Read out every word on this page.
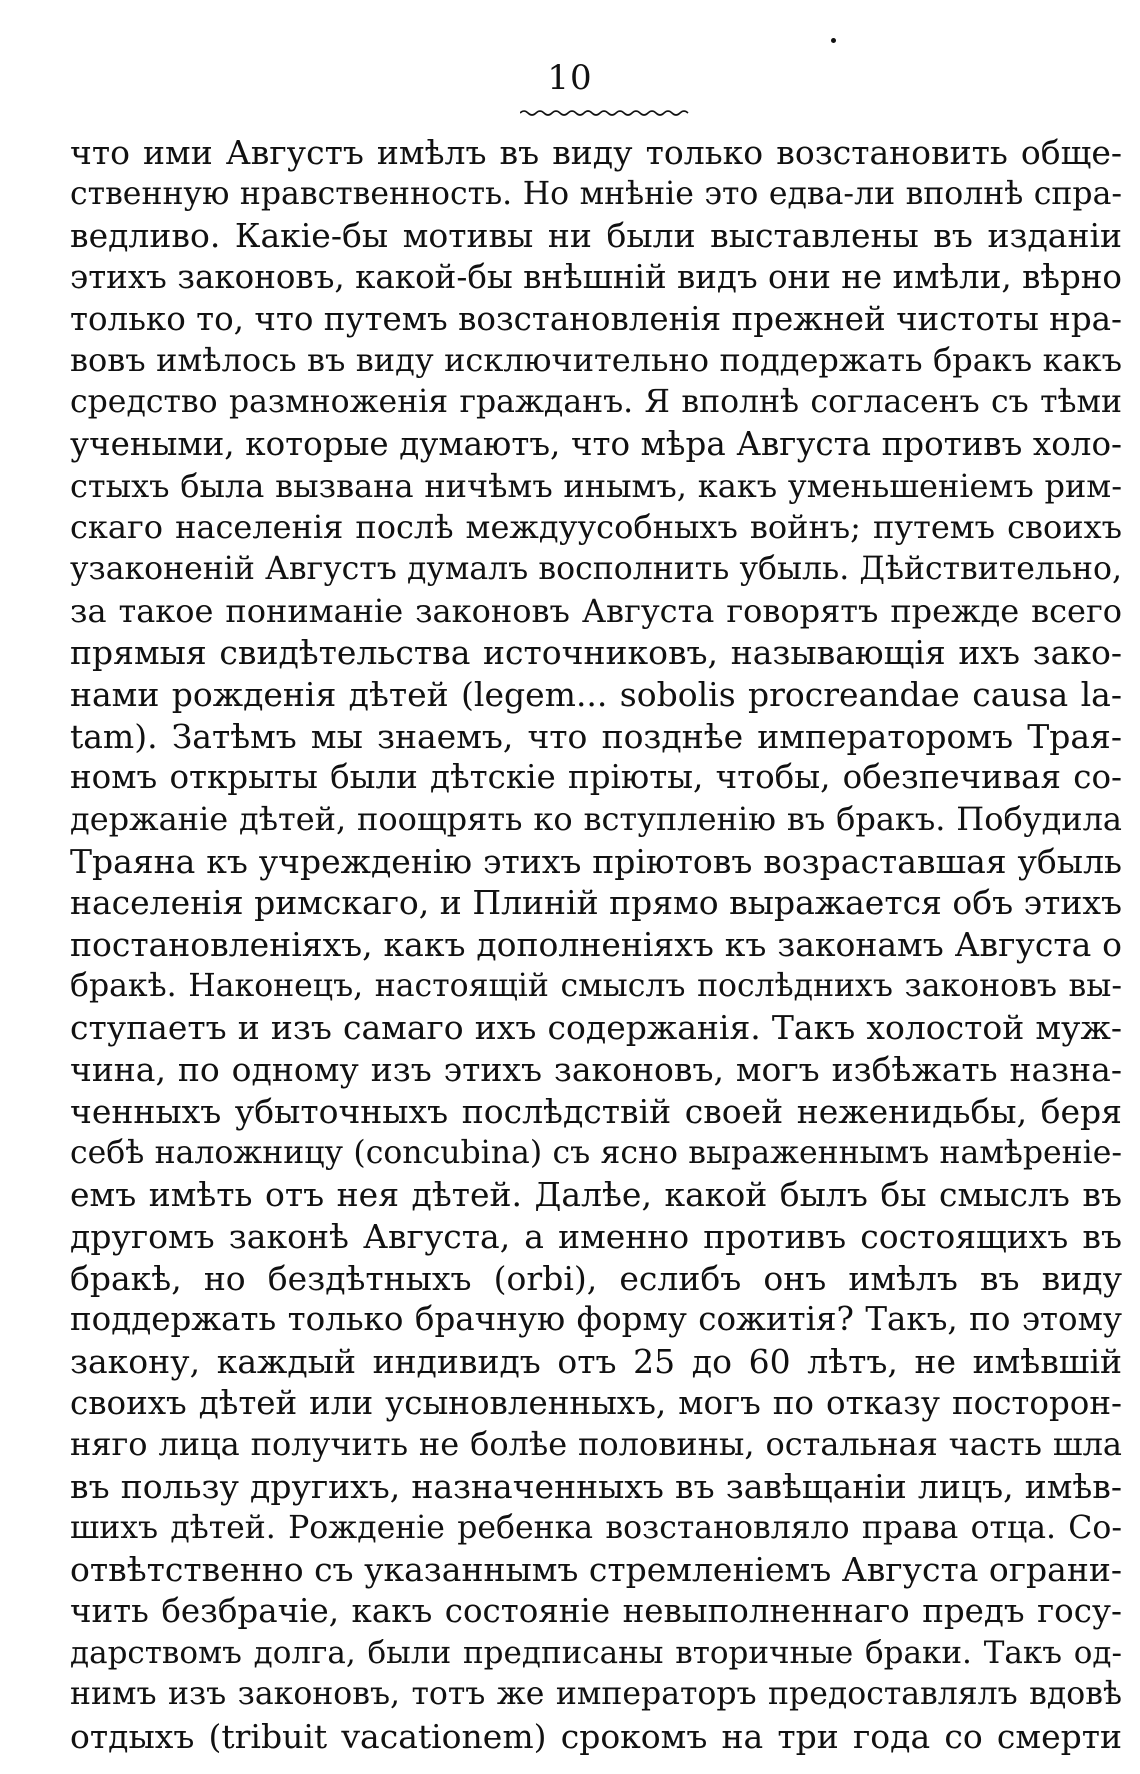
10
что ими Августъ имѣлъ въ виду только возстановить обще-
ственную нравственность. Но мнѣніе это едва-ли вполнѣ спра-
ведливо. Какіе-бы мотивы ни были выставлены въ изданіи
этихъ законовъ, какой-бы внѣшній видъ они не имѣли, вѣрно
только то, что путемъ возстановленія прежней чистоты нра-
вовъ имѣлось въ виду исключительно поддержать бракъ какъ
средство размноженія гражданъ. Я вполнѣ согласенъ съ тѣми
учеными, которые думаютъ, что мѣра Августа противъ холо-
стыхъ была вызвана ничѣмъ инымъ, какъ уменьшеніемъ рим-
скаго населенія послѣ междуусобныхъ войнъ; путемъ своихъ
узаконеній Августъ думалъ восполнить убыль. Дѣйствительно,
за такое пониманіе законовъ Августа говорятъ прежде всего
прямыя свидѣтельства источниковъ, называющія ихъ зако-
нами рожденія дѣтей (legem... sobolis procreandae causa la-
tam). Затѣмъ мы знаемъ, что позднѣе императоромъ Трая-
номъ открыты были дѣтскіе пріюты, чтобы, обезпечивая со-
держаніе дѣтей, поощрять ко вступленію въ бракъ. Побудила
Траяна къ учрежденію этихъ пріютовъ возраставшая убыль
населенія римскаго, и Плиній прямо выражается объ этихъ
постановленіяхъ, какъ дополненіяхъ къ законамъ Августа о
бракѣ. Наконецъ, настоящій смыслъ послѣднихъ законовъ вы-
ступаетъ и изъ самаго ихъ содержанія. Такъ холостой муж-
чина, по одному изъ этихъ законовъ, могъ избѣжать назна-
ченныхъ убыточныхъ послѣдствій своей неженидьбы, беря
себѣ наложницу (concubina) съ ясно выраженнымъ намѣреніе-
емъ имѣть отъ нея дѣтей. Далѣе, какой былъ бы смыслъ въ
другомъ законѣ Августа, а именно противъ состоящихъ въ
бракѣ, но бездѣтныхъ (orbi), еслибъ онъ имѣлъ въ виду
поддержать только брачную форму сожитія? Такъ, по этому
закону, каждый индивидъ отъ 25 до 60 лѣтъ, не имѣвшій
своихъ дѣтей или усыновленныхъ, могъ по отказу посторон-
няго лица получить не болѣе половины, остальная часть шла
въ пользу другихъ, назначенныхъ въ завѣщаніи лицъ, имѣв-
шихъ дѣтей. Рожденіе ребенка возстановляло права отца. Со-
отвѣтственно съ указаннымъ стремленіемъ Августа ограни-
чить безбрачіе, какъ состояніе невыполненнаго предъ госу-
дарствомъ долга, были предписаны вторичные браки. Такъ од-
нимъ изъ законовъ, тотъ же императоръ предоставлялъ вдовѣ
отдыхъ (tribuit vacationem) срокомъ на три года со смерти
